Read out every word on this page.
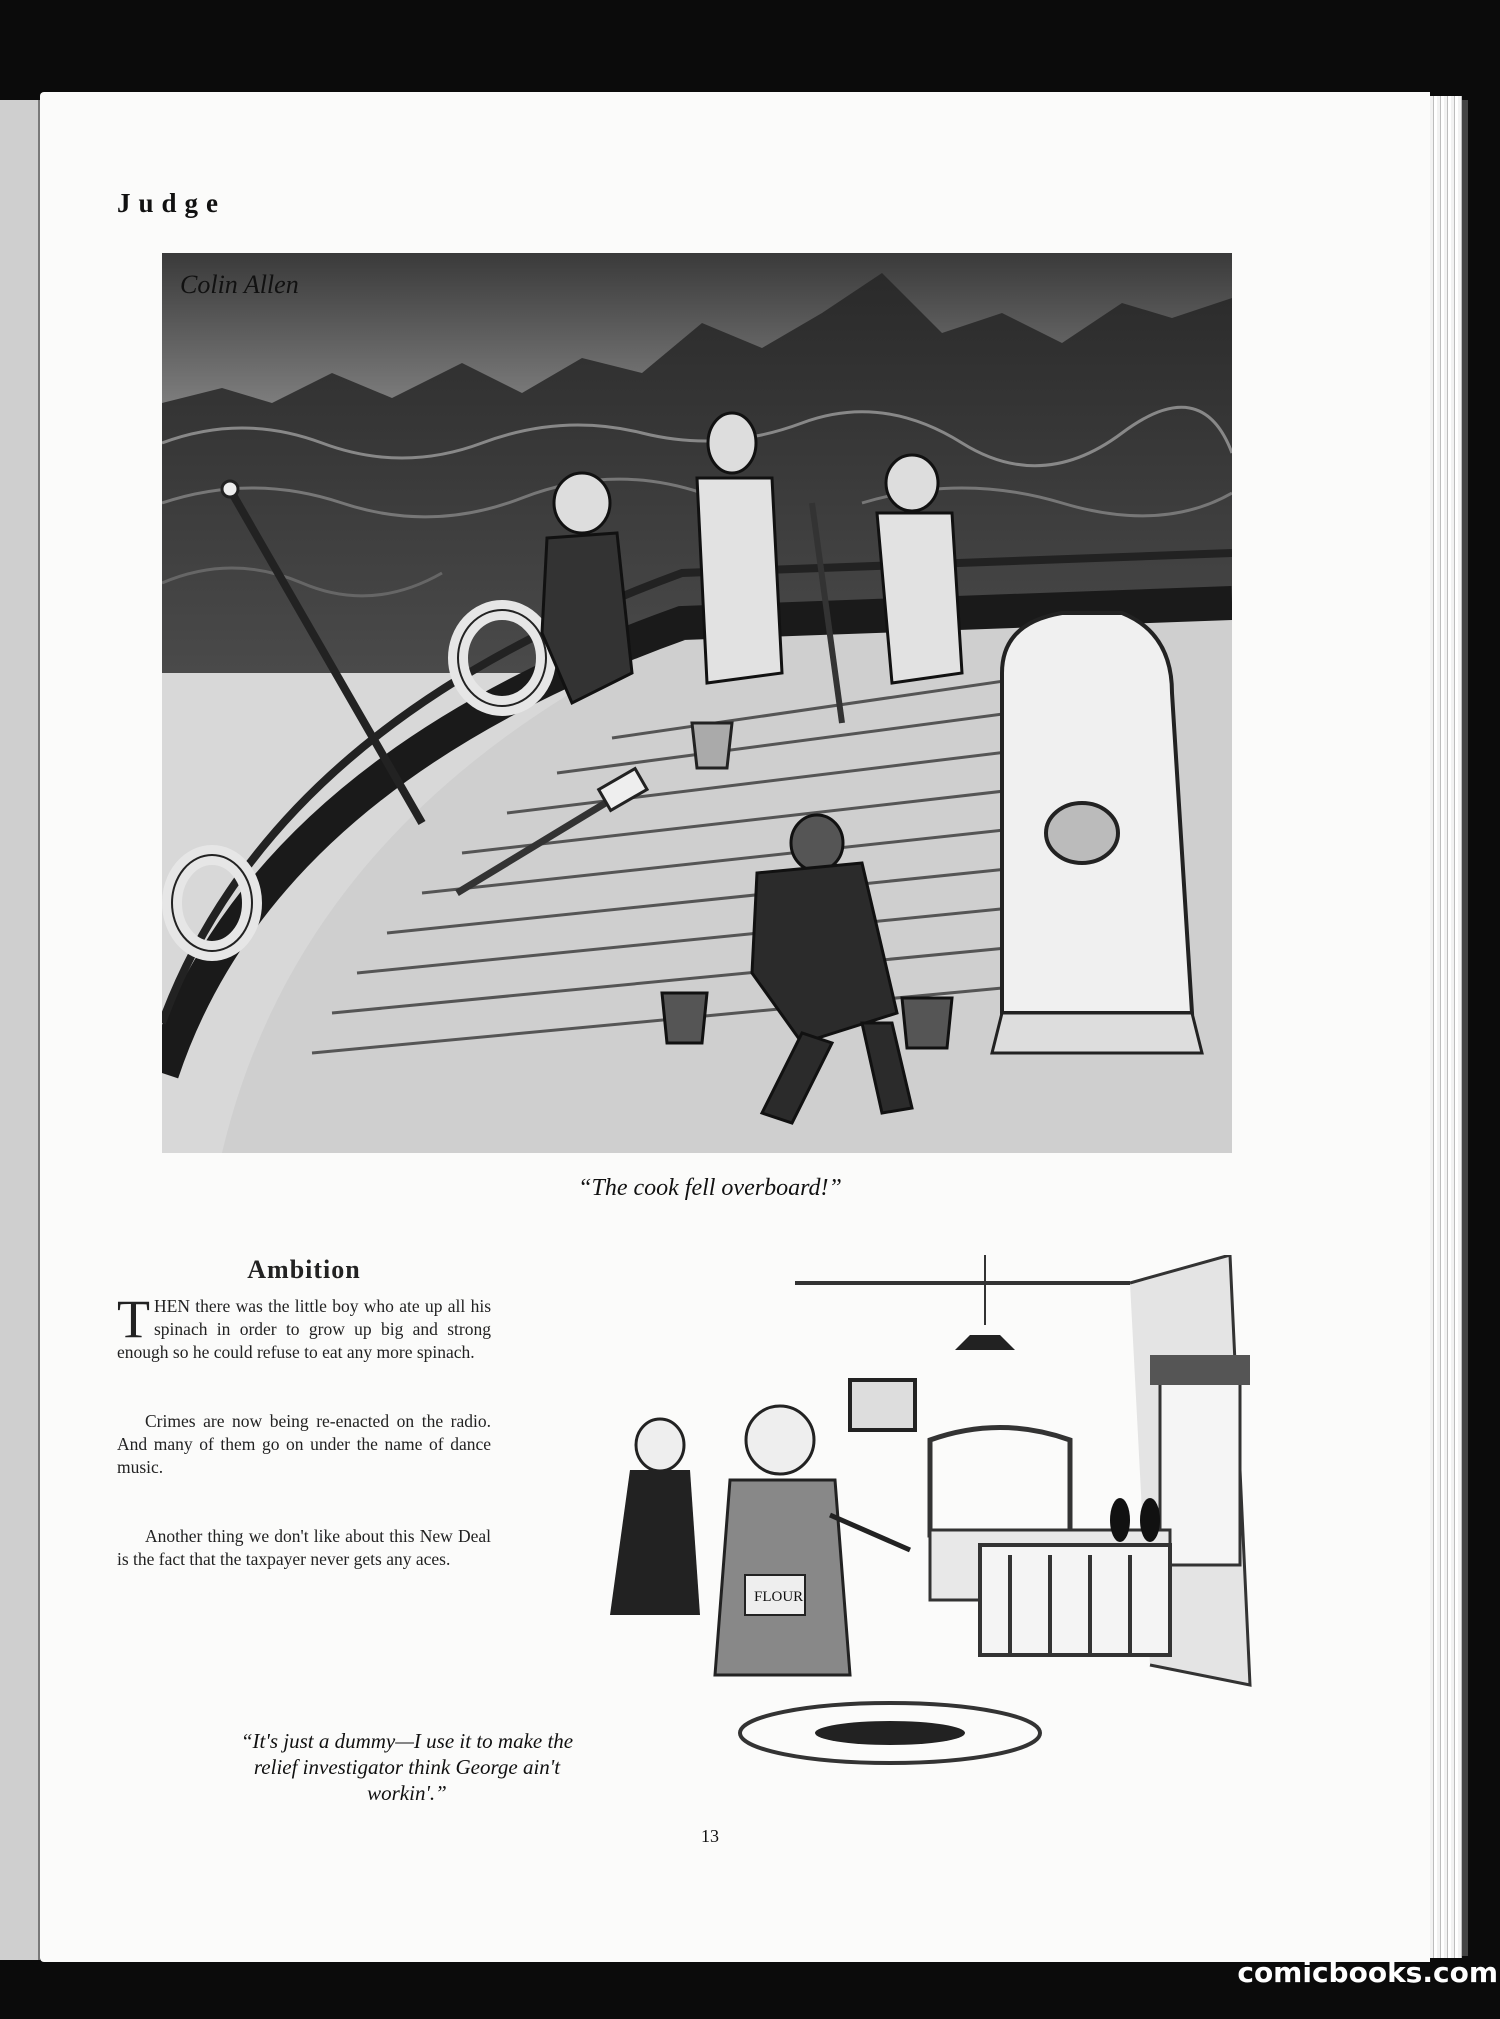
Judge
Colin Allen
“The cook fell overboard!”
Ambition

THEN there was the little boy who ate up all his spinach in order to grow up big and strong enough so he could refuse to eat any more spinach.

Crimes are now being re-enacted on the radio. And many of them go on under the name of dance music.

Another thing we don't like about this New Deal is the fact that the taxpayer never gets any aces.

FLOUR
“It's just a dummy—I use it to make the relief investigator think George ain't workin'.”
13
comicbooks.com
